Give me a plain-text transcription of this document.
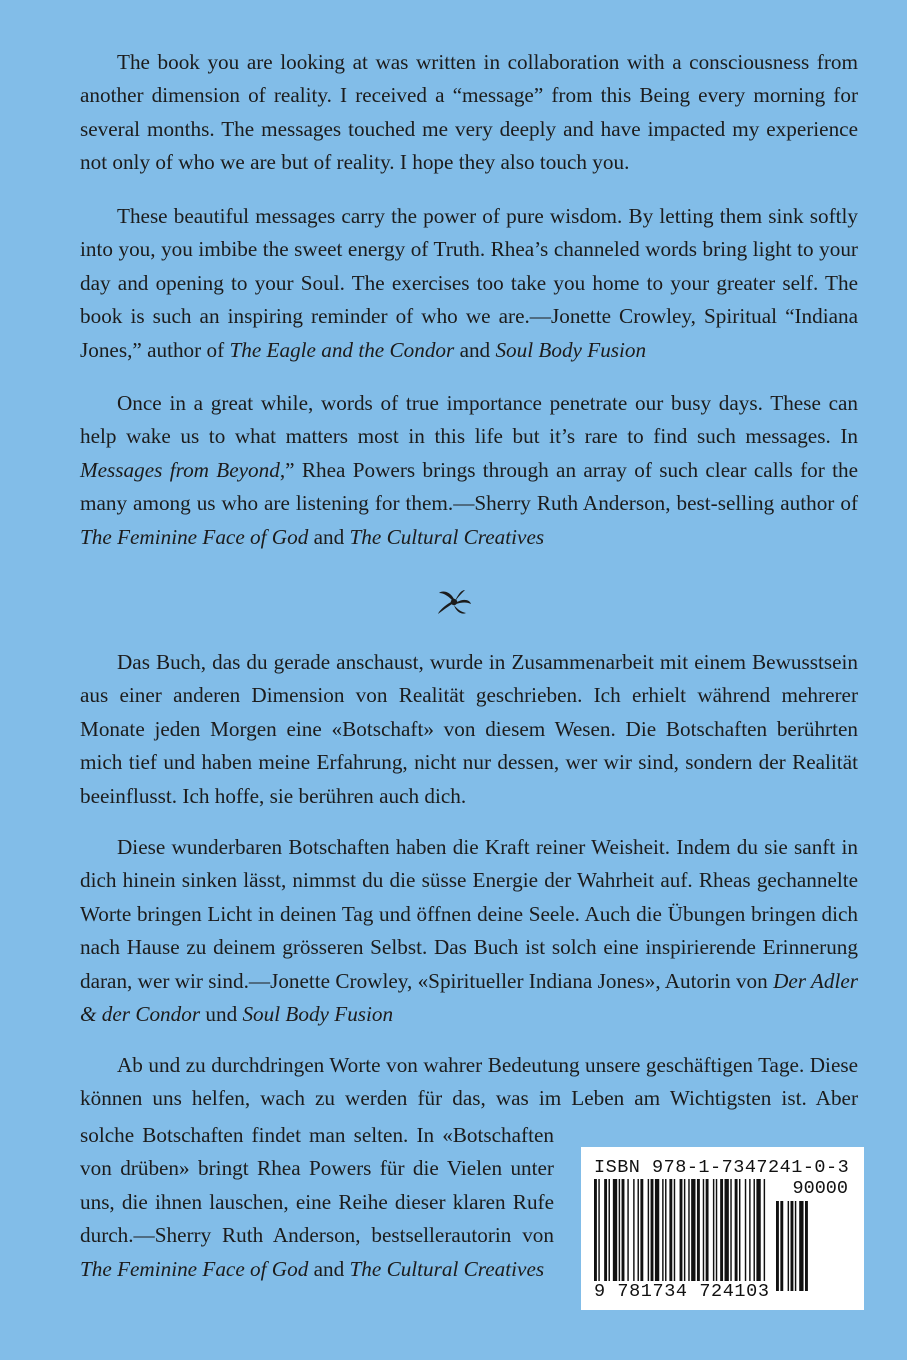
The book you are looking at was written in collaboration with a consciousness from another dimension of reality. I received a “message” from this Being every morning for several months. The messages touched me very deeply and have impacted my experience not only of who we are but of reality. I hope they also touch you.

These beautiful messages carry the power of pure wisdom. By letting them sink softly into you, you imbibe the sweet energy of Truth. Rhea’s channeled words bring light to your day and opening to your Soul. The exercises too take you home to your greater self. The book is such an inspiring reminder of who we are.—Jonette Crowley, Spiritual “Indiana Jones,” author of The Eagle and the Condor and Soul Body Fusion

Once in a great while, words of true importance penetrate our busy days. These can help wake us to what matters most in this life but it’s rare to find such messages. In Messages from Beyond,” Rhea Powers brings through an array of such clear calls for the many among us who are listening for them.—Sherry Ruth Anderson, best-selling author of The Feminine Face of God and The Cultural Creatives

Das Buch, das du gerade anschaust, wurde in Zusammenarbeit mit einem Bewusstsein aus einer anderen Dimension von Realität geschrieben. Ich erhielt während mehrerer Monate jeden Morgen eine «Botschaft» von diesem Wesen. Die Botschaften berührten mich tief und haben meine Erfahrung, nicht nur dessen, wer wir sind, sondern der Realität beeinflusst. Ich hoffe, sie berühren auch dich.

Diese wunderbaren Botschaften haben die Kraft reiner Weisheit. Indem du sie sanft in dich hinein sinken lässt, nimmst du die süsse Energie der Wahrheit auf. Rheas gechannelte Worte bringen Licht in deinen Tag und öffnen deine Seele. Auch die Übungen bringen dich nach Hause zu deinem grösseren Selbst. Das Buch ist solch eine inspirierende Erinnerung daran, wer wir sind.—Jonette Crowley, «Spiritueller Indiana Jones», Autorin von Der Adler & der Condor und Soul Body Fusion

Ab und zu durchdringen Worte von wahrer Bedeutung unsere geschäftigen Tage. Diese können uns helfen, wach zu werden für das, was im Leben am Wichtigsten ist. Aber

solche Botschaften findet man selten. In «Botschaften von drüben» bringt Rhea Powers für die Vielen unter uns, die ihnen lauschen, eine Reihe dieser klaren Rufe durch.—Sherry Ruth Anderson, bestsellerautorin von The Feminine Face of God and The Cultural Creatives

ISBN 978-1-7347241-0-3
90000
9 781734 724103
